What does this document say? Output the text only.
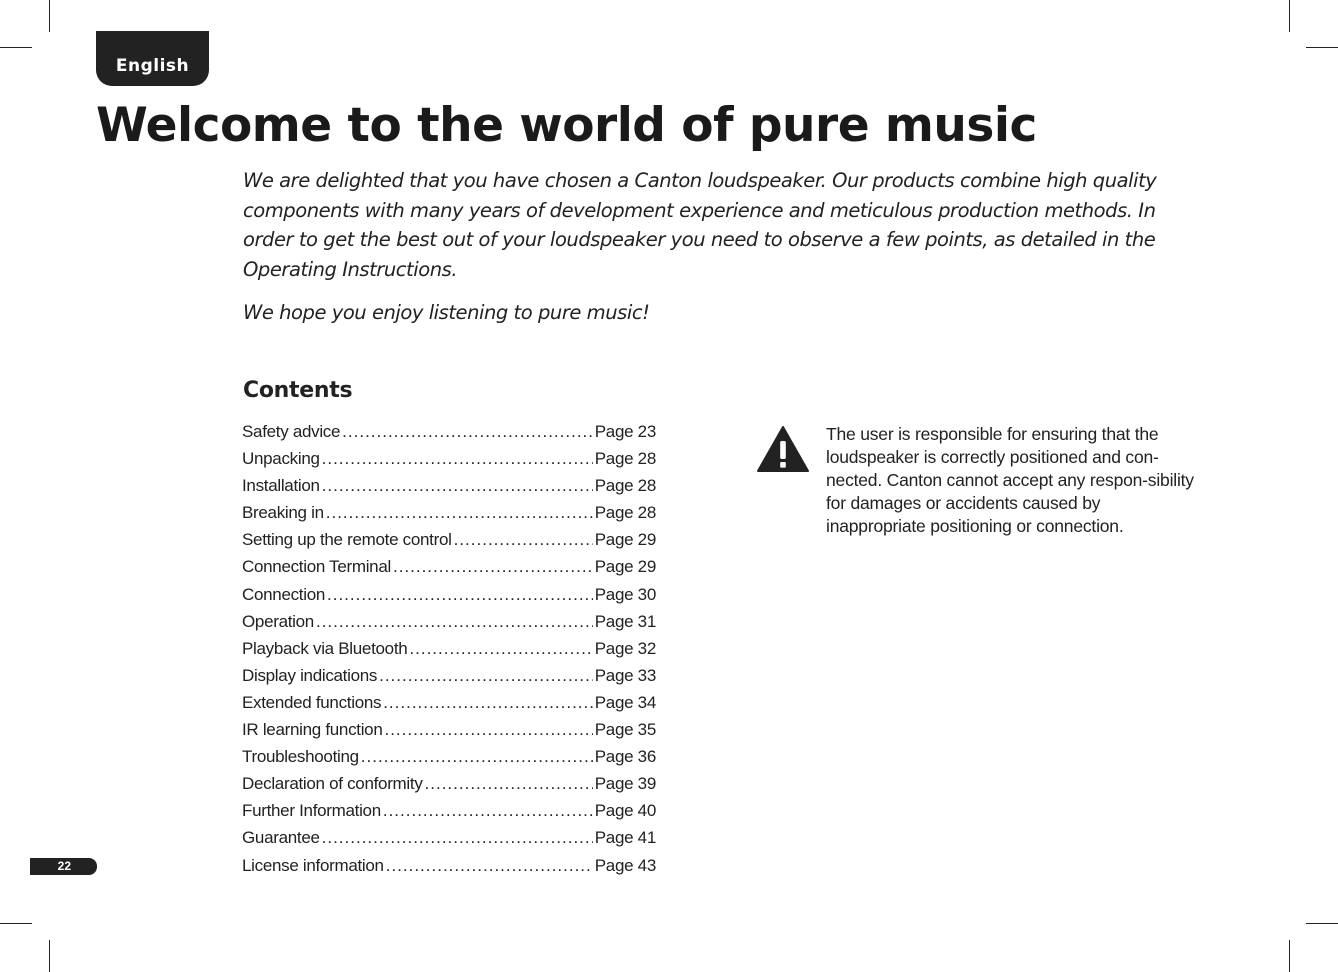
English
Welcome to the world of pure music

We are delighted that you have chosen a Canton loudspeaker. Our products combine high quality components with many years of development experience and meticulous production methods. In order to get the best out of your loudspeaker you need to observe a few points, as detailed in the Operating Instructions.

We hope you enjoy listening to pure music!

Contents
Safety advice .....	Page 23
Unpacking .....	Page 28
Installation .....	Page 28
Breaking in .....	Page 28
Setting up the remote control .....	Page 29
Connection Terminal .....	Page 29
Connection .....	Page 30
Operation .....	Page 31
Playback via Bluetooth .....	Page 32
Display indications .....	Page 33
Extended functions .....	Page 34
IR learning function .....	Page 35
Troubleshooting .....	Page 36
Declaration of conformity .....	Page 39
Further Information .....	Page 40
Guarantee .....	Page 41
License information .....	Page 43

The user is responsible for ensuring that the loudspeaker is correctly positioned and con-nected. Canton cannot accept any respon-sibility for damages or accidents caused by inappropriate positioning or connection.

22
